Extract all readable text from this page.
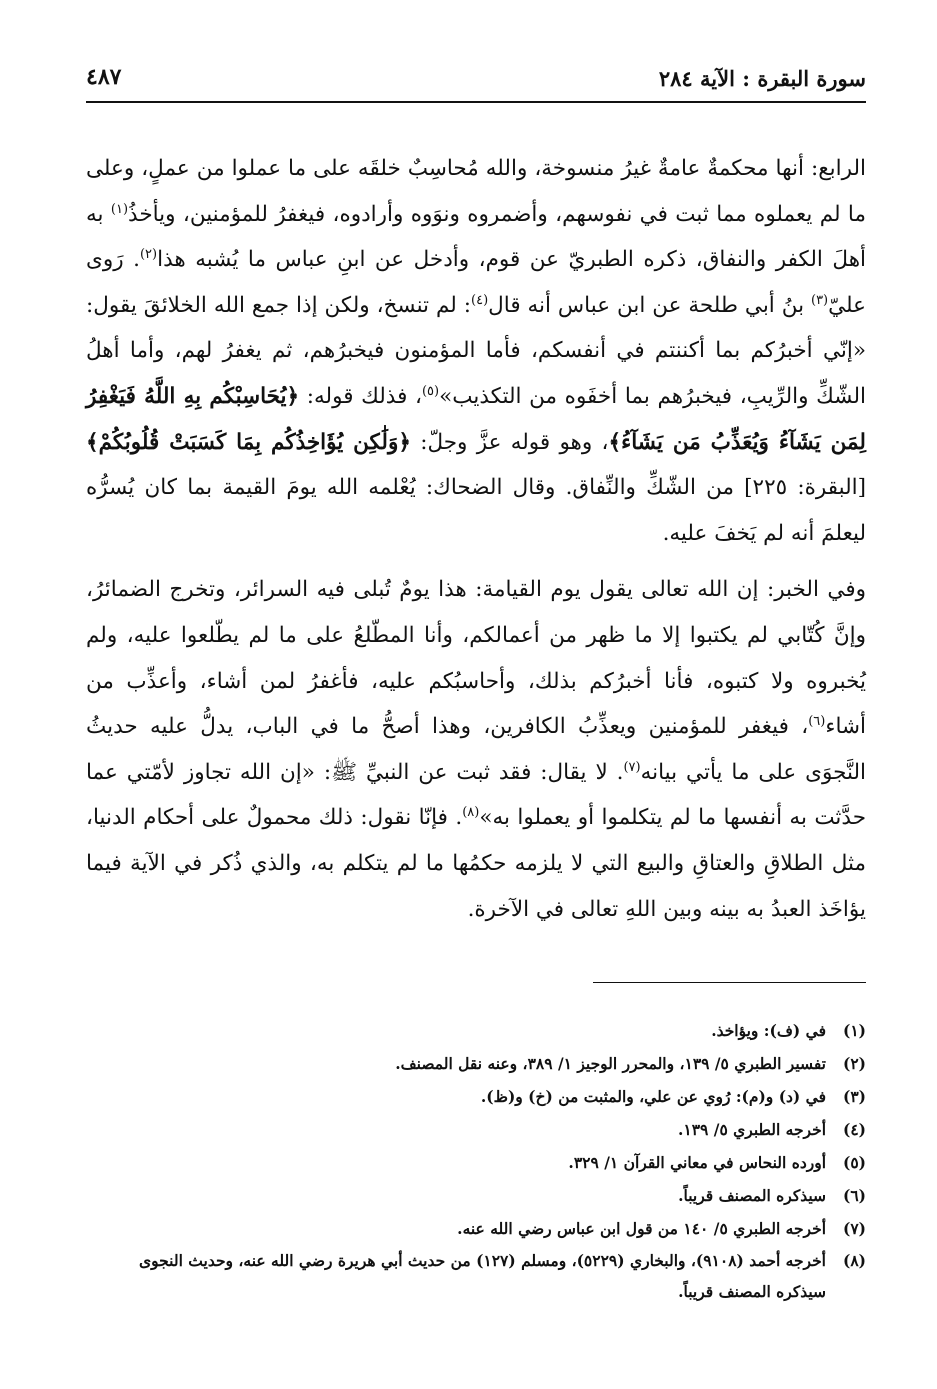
سورة البقرة : الآية ٢٨٤
٤٨٧

الرابع: أنها محكمةٌ عامةٌ غيرُ منسوخة، والله مُحاسِبٌ خلقَه على ما عملوا من عملٍ، وعلى ما لم يعملوه مما ثبت في نفوسهم، وأضمروه ونوَوه وأرادوه، فيغفرُ للمؤمنين، ويأخذُ$^{(١)}$ به أهلَ الكفر والنفاق، ذكره الطبريّ عن قوم، وأدخل عن ابنِ عباس ما يُشبه هذا$^{(٢)}$. رَوى عليّ$^{(٣)}$ بنُ أبي طلحة عن ابن عباس أنه قال$^{(٤)}$: لم تنسخ، ولكن إذا جمع الله الخلائقَ يقول: «إنّي أخبرُكم بما أكننتم في أنفسكم، فأما المؤمنون فيخبرُهم، ثم يغفرُ لهم، وأما أهلُ الشّكِّ والرِّيبِ، فيخبرُهم بما أخفَوه من التكذيب»$^{(٥)}$، فذلك قوله: ﴿يُحَاسِبْكُم بِهِ اللَّهُ فَيَغْفِرُ لِمَن يَشَآءُ وَيُعَذِّبُ مَن يَشَآءُ﴾، وهو قوله عزَّ وجلّ: ﴿وَلَٰكِن يُؤَاخِذُكُم بِمَا كَسَبَتْ قُلُوبُكُمْ﴾ [البقرة: ٢٢٥] من الشّكِّ والنِّفاق. وقال الضحاك: يُعْلمه الله يومَ القيمة بما كان يُسرُّه ليعلمَ أنه لم يَخفَ عليه.

وفي الخبر: إن الله تعالى يقول يوم القيامة: هذا يومٌ تُبلى فيه السرائر، وتخرج الضمائرُ، وإنَّ كُتّابي لم يكتبوا إلا ما ظهر من أعمالكم، وأنا المطّلعُ على ما لم يطّلعوا عليه، ولم يُخبروه ولا كتبوه، فأنا أخبرُكم بذلك، وأحاسبُكم عليه، فأغفرُ لمن أشاء، وأعذِّب من أشاء$^{(٦)}$، فيغفر للمؤمنين ويعذِّبُ الكافرين، وهذا أصحُّ ما في الباب، يدلُّ عليه حديثُ النَّجوَى على ما يأتي بيانه$^{(٧)}$. لا يقال: فقد ثبت عن النبيِّ ﷺ: «إن الله تجاوز لأمّتي عما حدَّثت به أنفسها ما لم يتكلموا أو يعملوا به»$^{(٨)}$. فإنّا نقول: ذلك محمولٌ على أحكام الدنيا، مثل الطلاقِ والعتاقِ والبيع التي لا يلزمه حكمُها ما لم يتكلم به، والذي ذُكر في الآية فيما يؤاخَذ العبدُ به بينه وبين اللهِ تعالى في الآخرة.

(١)
في (ف): ويؤاخذ.
(٢)
تفسير الطبري ٥/ ١٣٩، والمحرر الوجيز ١/ ٣٨٩، وعنه نقل المصنف.
(٣)
في (د) و(م): رُوي عن علي، والمثبت من (خ) و(ظ).
(٤)
أخرجه الطبري ٥/ ١٣٩.
(٥)
أورده النحاس في معاني القرآن ١/ ٣٢٩.
(٦)
سيذكره المصنف قريباً.
(٧)
أخرجه الطبري ٥/ ١٤٠ من قول ابن عباس رضي الله عنه.
(٨)
أخرجه أحمد (٩١٠٨)، والبخاري (٥٢٢٩)، ومسلم (١٢٧) من حديث أبي هريرة رضي الله عنه، وحديث النجوى سيذكره المصنف قريباً.
